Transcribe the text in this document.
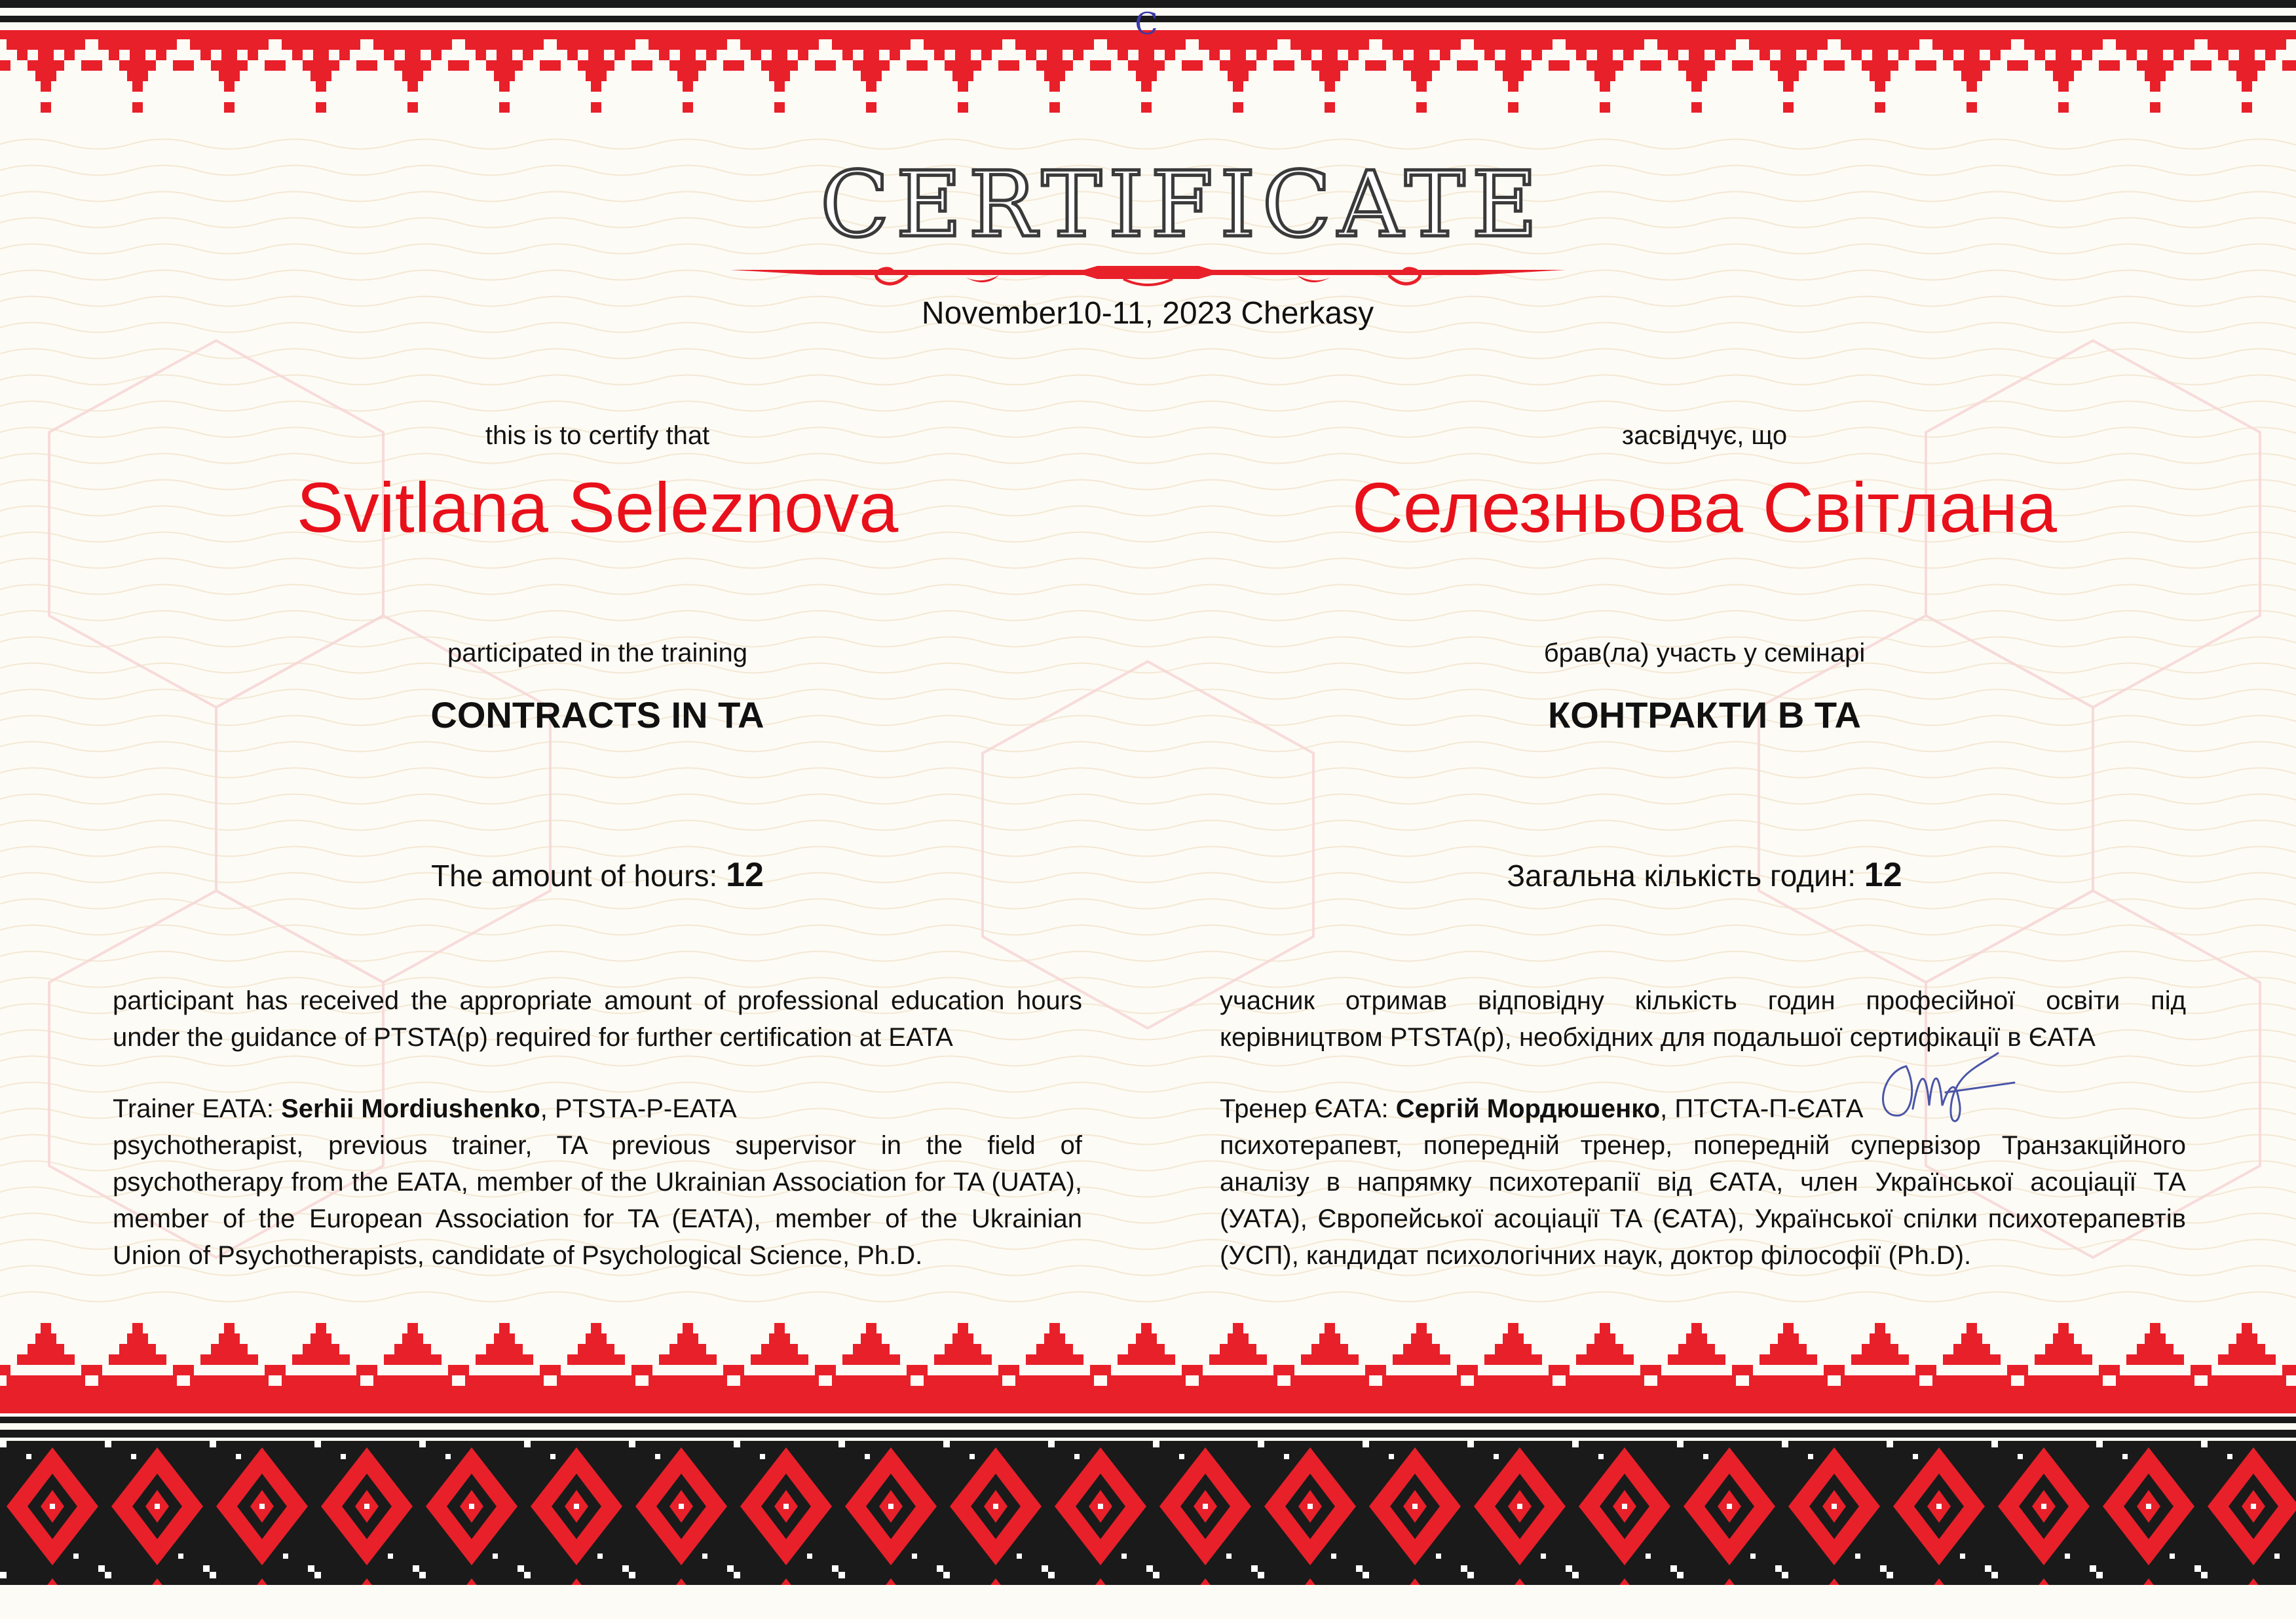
C
CERTIFICATE
November10-11, 2023 Cherkasy
this is to certify that
Svitlana Seleznova
participated in the training
CONTRACTS IN TA
The amount of hours: 12
participant has received the appropriate amount of professional education hours under the guidance of PTSTA(p) required for further certification at EATA
Trainer EATA: Serhii Mordiushenko, PTSTA-P-EATA
psychotherapist, previous trainer, TA previous supervisor in the field of psychotherapy from the EATA, member of the Ukrainian Association for TA (UATA), member of the European Association for TA (EATA), member of the Ukrainian Union of Psychotherapists, candidate of Psychological Science, Ph.D.
засвідчує, що
Селезньова Світлана
брав(ла) участь у семінарі
КОНТРАКТИ В ТА
Загальна кількість годин: 12
учасник отримав відповідну кількість годин професійної освіти під керівництвом PTSTA(p), необхідних для подальшої сертифікації в ЄАТА
Тренер ЄАТА: Сергій Мордюшенко, ПТСТА-П-ЄАТА
психотерапевт, попередній тренер, попередній супервізор Транзакційного аналізу в напрямку психотерапії від ЄАТА, член Української асоціації ТА (УАТА), Європейської асоціації ТА (ЄАТА), Української спілки психотерапевтів (УСП), кандидат психологічних наук, доктор філософії (Ph.D).
